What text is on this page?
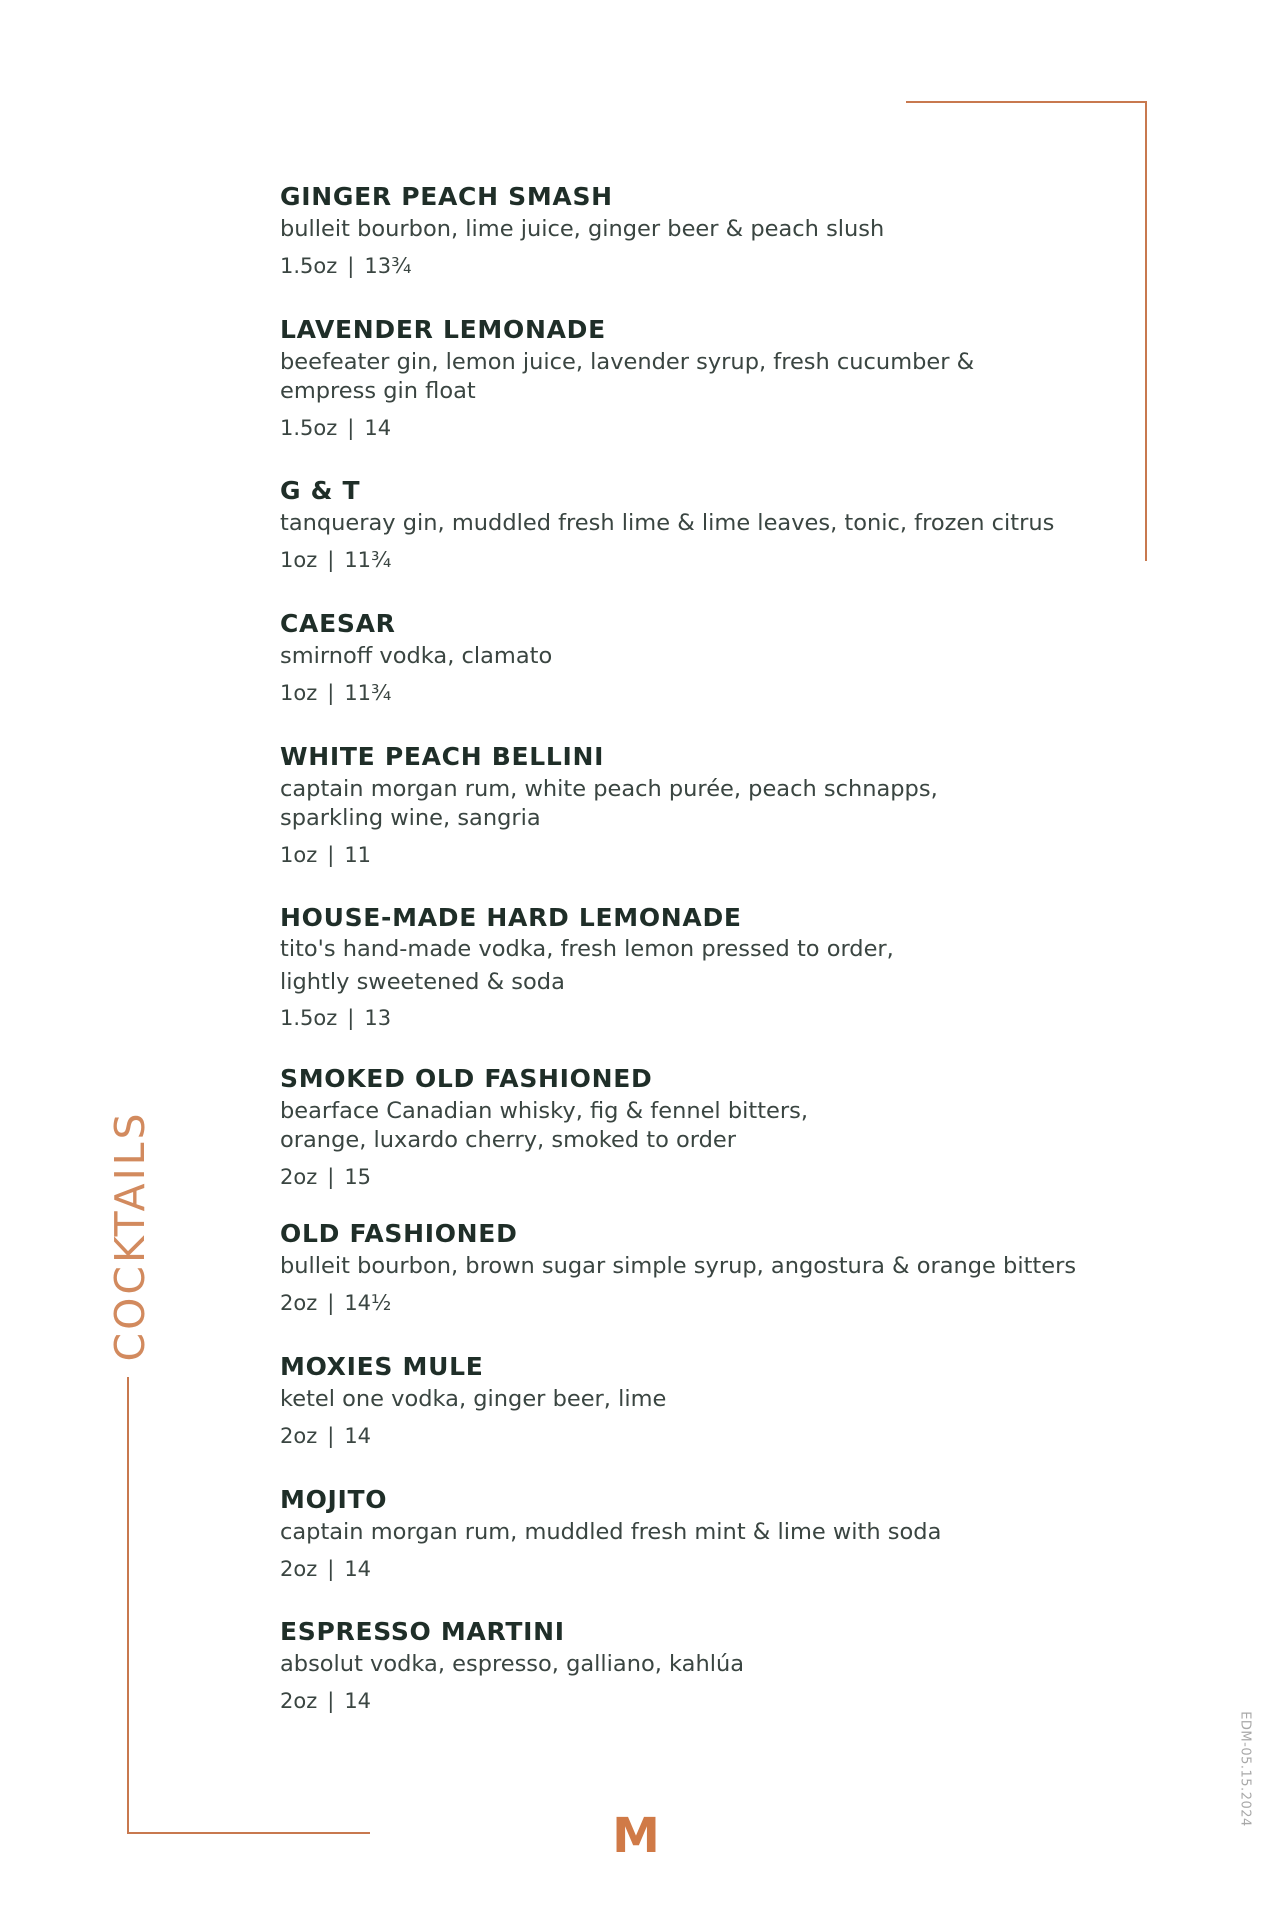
COCKTAILS
EDM-05.15.2024
M
GINGER PEACH SMASH
bulleit bourbon, lime juice, ginger beer & peach slush
1.5oz | 13¾
LAVENDER LEMONADE
beefeater gin, lemon juice, lavender syrup, fresh cucumber &
empress gin float
1.5oz | 14
G & T
tanqueray gin, muddled fresh lime & lime leaves, tonic, frozen citrus
1oz | 11¾
CAESAR
smirnoff vodka, clamato
1oz | 11¾
WHITE PEACH BELLINI
captain morgan rum, white peach purée, peach schnapps,
sparkling wine, sangria
1oz | 11
HOUSE-MADE HARD LEMONADE
tito's hand-made vodka, fresh lemon pressed to order,
lightly sweetened & soda
1.5oz | 13
SMOKED OLD FASHIONED
bearface Canadian whisky, fig & fennel bitters,
orange, luxardo cherry, smoked to order
2oz | 15
OLD FASHIONED
bulleit bourbon, brown sugar simple syrup, angostura & orange bitters
2oz | 14½
MOXIES MULE
ketel one vodka, ginger beer, lime
2oz | 14
MOJITO
captain morgan rum, muddled fresh mint & lime with soda
2oz | 14
ESPRESSO MARTINI
absolut vodka, espresso, galliano, kahlúa
2oz | 14
